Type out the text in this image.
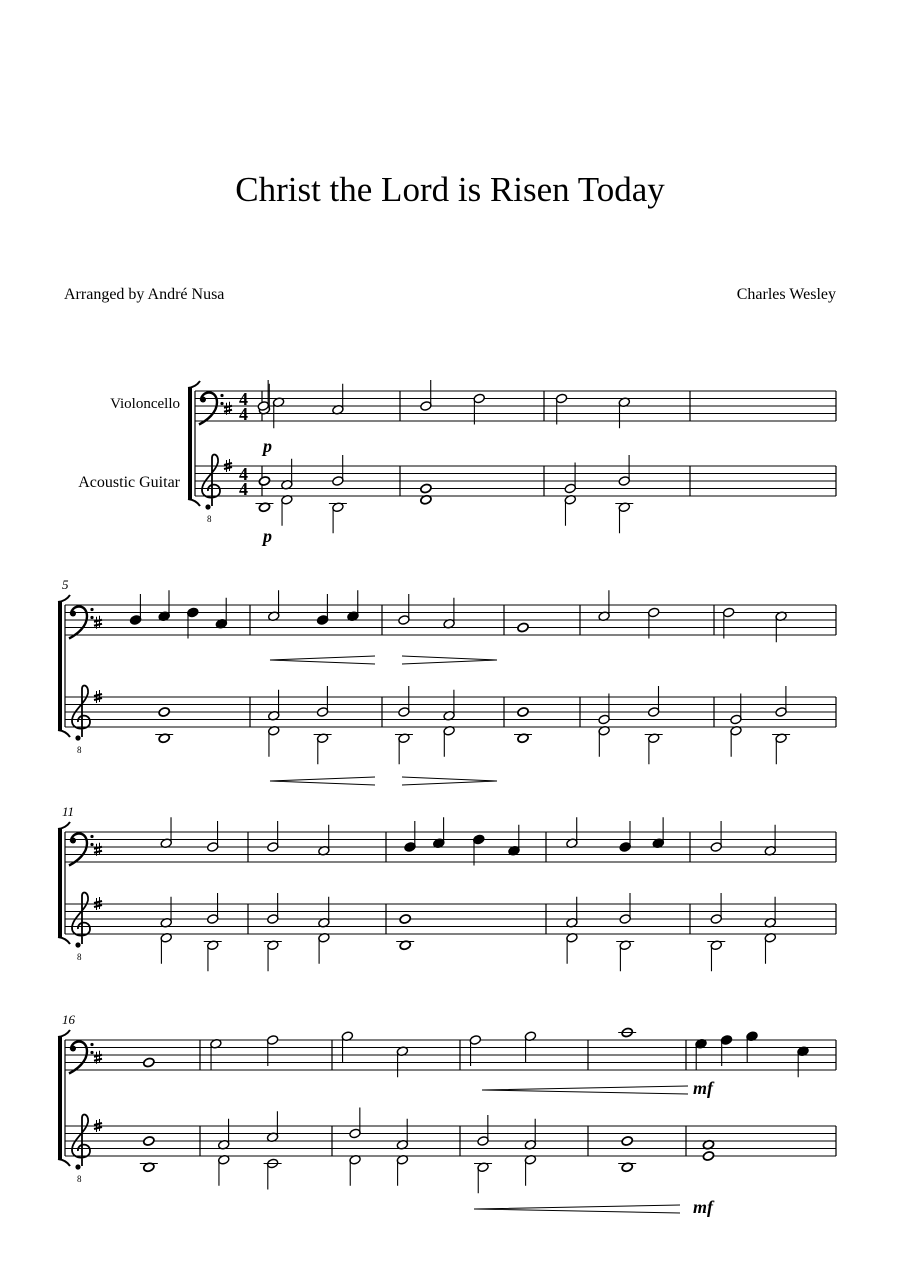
Christ the Lord is Risen Today
Arranged by André Nusa	Charles Wesley
4
4
4
4
p
p
8
Violoncello
Acoustic Guitar
8
5
8
11
mf
mf
8
16
